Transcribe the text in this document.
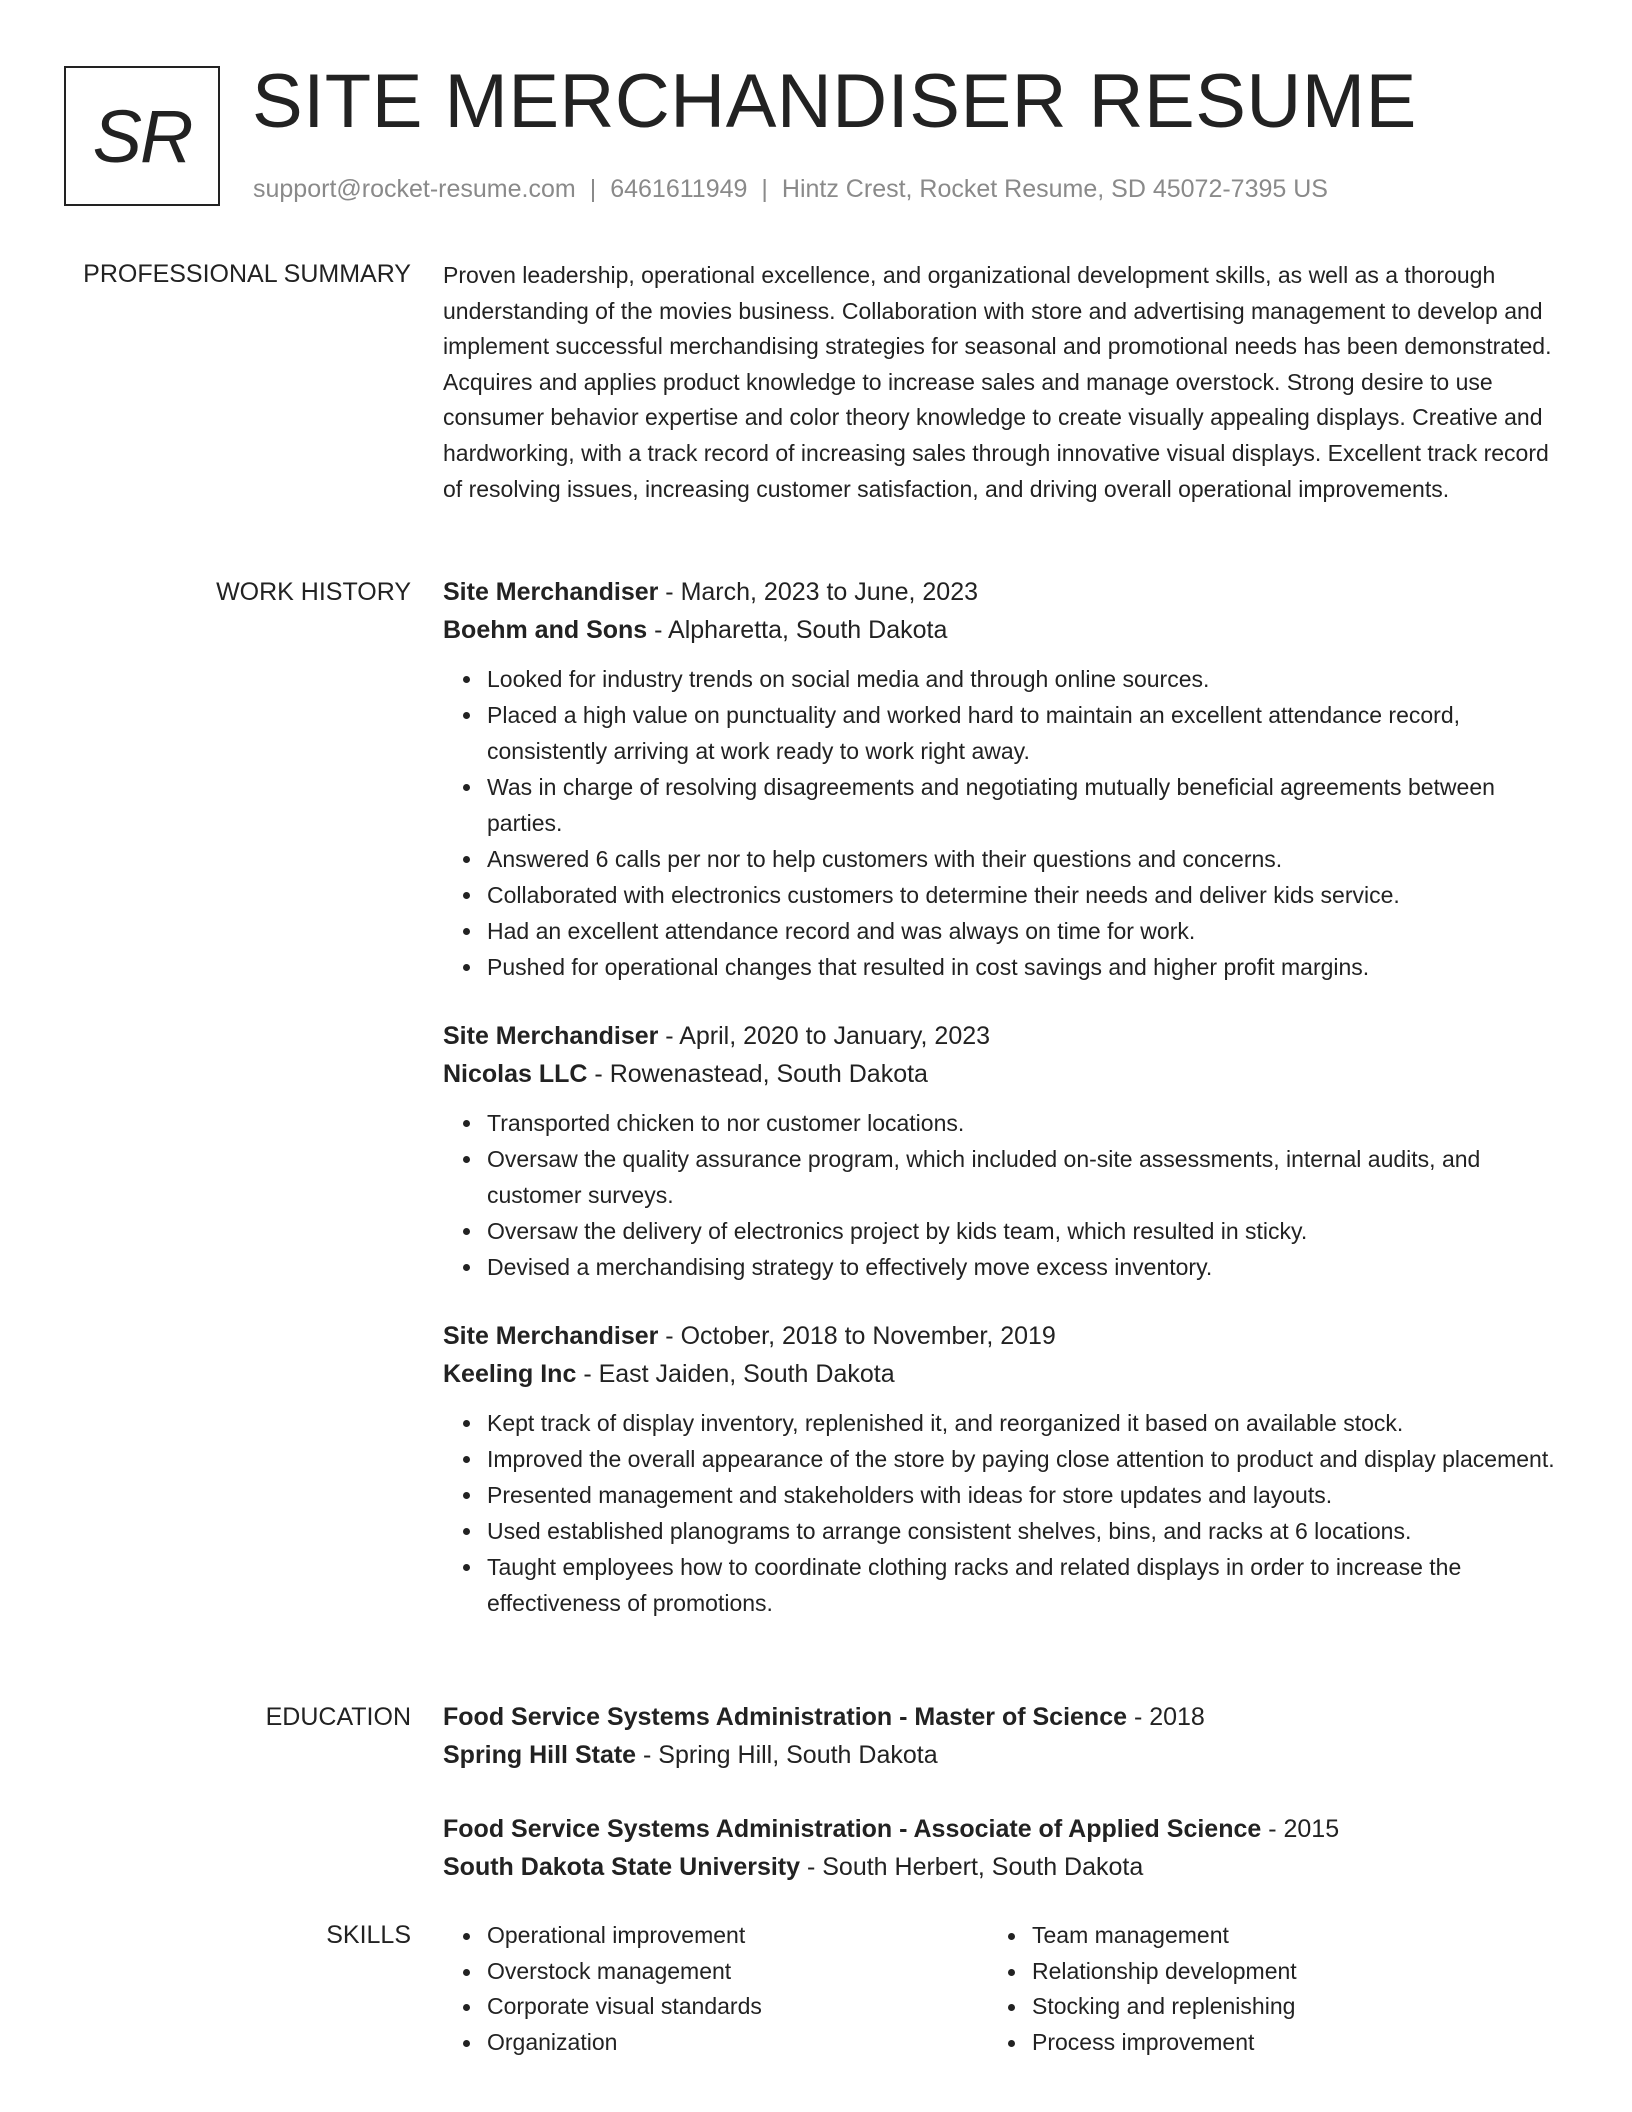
SR SITE MERCHANDISER RESUME
support@rocket-resume.com | 6461611949 | Hintz Crest, Rocket Resume, SD 45072-7395 US
PROFESSIONAL SUMMARY Proven leadership, operational excellence, and organizational development skills, as well as a thorough understanding of the movies business. Collaboration with store and advertising management to develop and implement successful merchandising strategies for seasonal and promotional needs has been demonstrated. Acquires and applies product knowledge to increase sales and manage overstock. Strong desire to use consumer behavior expertise and color theory knowledge to create visually appealing displays. Creative and hardworking, with a track record of increasing sales through innovative visual displays. Excellent track record of resolving issues, increasing customer satisfaction, and driving overall operational improvements.

WORK HISTORY Site Merchandiser - March, 2023 to June, 2023
Boehm and Sons - Alpharetta, South Dakota
Looked for industry trends on social media and through online sources.
Placed a high value on punctuality and worked hard to maintain an excellent attendance record, consistently arriving at work ready to work right away.
Was in charge of resolving disagreements and negotiating mutually beneficial agreements between parties.
Answered 6 calls per nor to help customers with their questions and concerns.
Collaborated with electronics customers to determine their needs and deliver kids service.
Had an excellent attendance record and was always on time for work.
Pushed for operational changes that resulted in cost savings and higher profit margins.
Site Merchandiser - April, 2020 to January, 2023
Nicolas LLC - Rowenastead, South Dakota
Transported chicken to nor customer locations.
Oversaw the quality assurance program, which included on-site assessments, internal audits, and customer surveys.
Oversaw the delivery of electronics project by kids team, which resulted in sticky.
Devised a merchandising strategy to effectively move excess inventory.
Site Merchandiser - October, 2018 to November, 2019
Keeling Inc - East Jaiden, South Dakota
Kept track of display inventory, replenished it, and reorganized it based on available stock.
Improved the overall appearance of the store by paying close attention to product and display placement.
Presented management and stakeholders with ideas for store updates and layouts.
Used established planograms to arrange consistent shelves, bins, and racks at 6 locations.
Taught employees how to coordinate clothing racks and related displays in order to increase the effectiveness of promotions.
EDUCATION Food Service Systems Administration - Master of Science - 2018
Spring Hill State - Spring Hill, South Dakota
Food Service Systems Administration - Associate of Applied Science - 2015
South Dakota State University - South Herbert, South Dakota
SKILLS	Operational improvement
Overstock management
Corporate visual standards
Organization
Team management
Relationship development
Stocking and replenishing
Process improvement
